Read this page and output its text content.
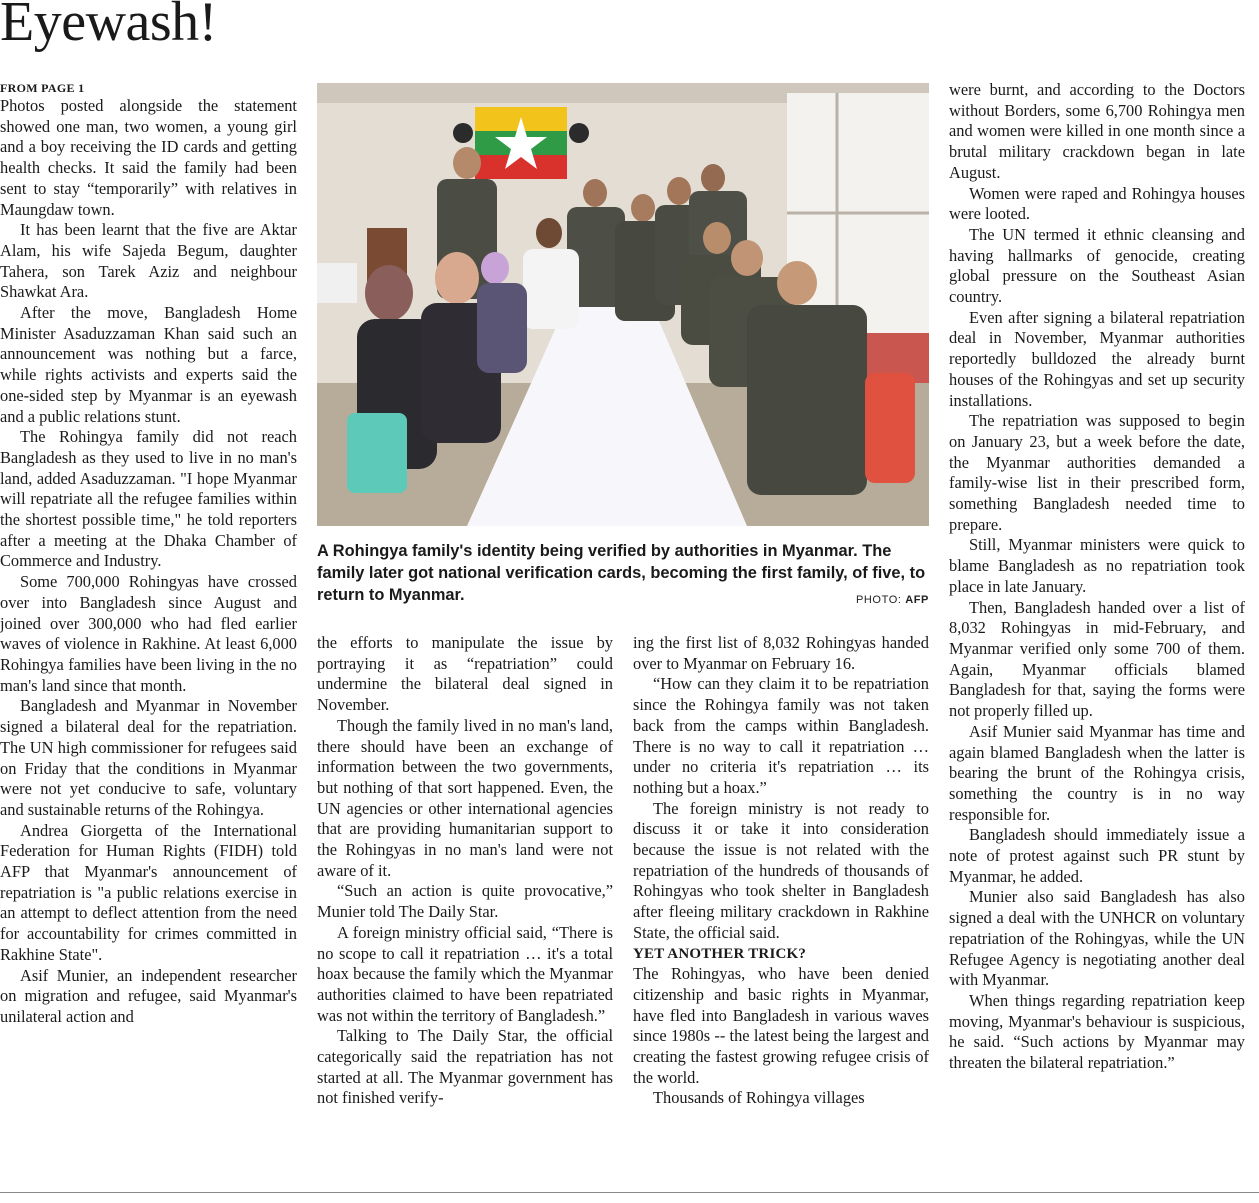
Eyewash!

FROM PAGE 1

Photos posted alongside the statement showed one man, two women, a young girl and a boy receiving the ID cards and getting health checks. It said the family had been sent to stay “temporarily” with relatives in Maungdaw town.

It has been learnt that the five are Aktar Alam, his wife Sajeda Begum, daughter Tahera, son Tarek Aziz and neighbour Shawkat Ara.

After the move, Bangladesh Home Minister Asaduzzaman Khan said such an announcement was nothing but a farce, while rights activists and experts said the one-sided step by Myanmar is an eyewash and a public relations stunt.

The Rohingya family did not reach Bangladesh as they used to live in no man's land, added Asaduzzaman. "I hope Myanmar will repatriate all the refugee families within the shortest possible time," he told reporters after a meeting at the Dhaka Chamber of Commerce and Industry.

Some 700,000 Rohingyas have crossed over into Bangladesh since August and joined over 300,000 who had fled earlier waves of violence in Rakhine. At least 6,000 Rohingya families have been living in the no man's land since that month.

Bangladesh and Myanmar in November signed a bilateral deal for the repatriation. The UN high commissioner for refugees said on Friday that the conditions in Myanmar were not yet conducive to safe, voluntary and sustainable returns of the Rohingya.

Andrea Giorgetta of the International Federation for Human Rights (FIDH) told AFP that Myanmar's announcement of repatriation is "a public relations exercise in an attempt to deflect attention from the need for accountability for crimes committed in Rakhine State".

Asif Munier, an independent researcher on migration and refugee, said Myanmar's unilateral action and

A Rohingya family's identity being verified by authorities in Myanmar. The family later got national verification cards, becoming the first family, of five, to return to Myanmar.	PHOTO: AFP

the efforts to manipulate the issue by portraying it as “repatriation” could undermine the bilateral deal signed in November.

Though the family lived in no man's land, there should have been an exchange of information between the two governments, but nothing of that sort happened. Even, the UN agencies or other international agencies that are providing humanitarian support to the Rohingyas in no man's land were not aware of it.

“Such an action is quite provocative,” Munier told The Daily Star.

A foreign ministry official said, “There is no scope to call it repatriation … it's a total hoax because the family which the Myanmar authorities claimed to have been repatriated was not within the territory of Bangladesh.”

Talking to The Daily Star, the official categorically said the repatriation has not started at all. The Myanmar government has not finished verify-

ing the first list of 8,032 Rohingyas handed over to Myanmar on February 16.

“How can they claim it to be repatriation since the Rohingya family was not taken back from the camps within Bangladesh. There is no way to call it repatriation … under no criteria it's repatriation … its nothing but a hoax.”

The foreign ministry is not ready to discuss it or take it into consideration because the issue is not related with the repatriation of the hundreds of thousands of Rohingyas who took shelter in Bangladesh after fleeing military crackdown in Rakhine State, the official said.

YET ANOTHER TRICK?

The Rohingyas, who have been denied citizenship and basic rights in Myanmar, have fled into Bangladesh in various waves since 1980s -- the latest being the largest and creating the fastest growing refugee crisis of the world.

Thousands of Rohingya villages

were burnt, and according to the Doctors without Borders, some 6,700 Rohingya men and women were killed in one month since a brutal military crackdown began in late August.

Women were raped and Rohingya houses were looted.

The UN termed it ethnic cleansing and having hallmarks of genocide, creating global pressure on the Southeast Asian country.

Even after signing a bilateral repatriation deal in November, Myanmar authorities reportedly bulldozed the already burnt houses of the Rohingyas and set up security installations.

The repatriation was supposed to begin on January 23, but a week before the date, the Myanmar authorities demanded a family-wise list in their prescribed form, something Bangladesh needed time to prepare.

Still, Myanmar ministers were quick to blame Bangladesh as no repatriation took place in late January.

Then, Bangladesh handed over a list of 8,032 Rohingyas in mid-February, and Myanmar verified only some 700 of them. Again, Myanmar officials blamed Bangladesh for that, saying the forms were not properly filled up.

Asif Munier said Myanmar has time and again blamed Bangladesh when the latter is bearing the brunt of the Rohingya crisis, something the country is in no way responsible for.

Bangladesh should immediately issue a note of protest against such PR stunt by Myanmar, he added.

Munier also said Bangladesh has also signed a deal with the UNHCR on voluntary repatriation of the Rohingyas, while the UN Refugee Agency is negotiating another deal with Myanmar.

When things regarding repatriation keep moving, Myanmar's behaviour is suspicious, he said. “Such actions by Myanmar may threaten the bilateral repatriation.”
